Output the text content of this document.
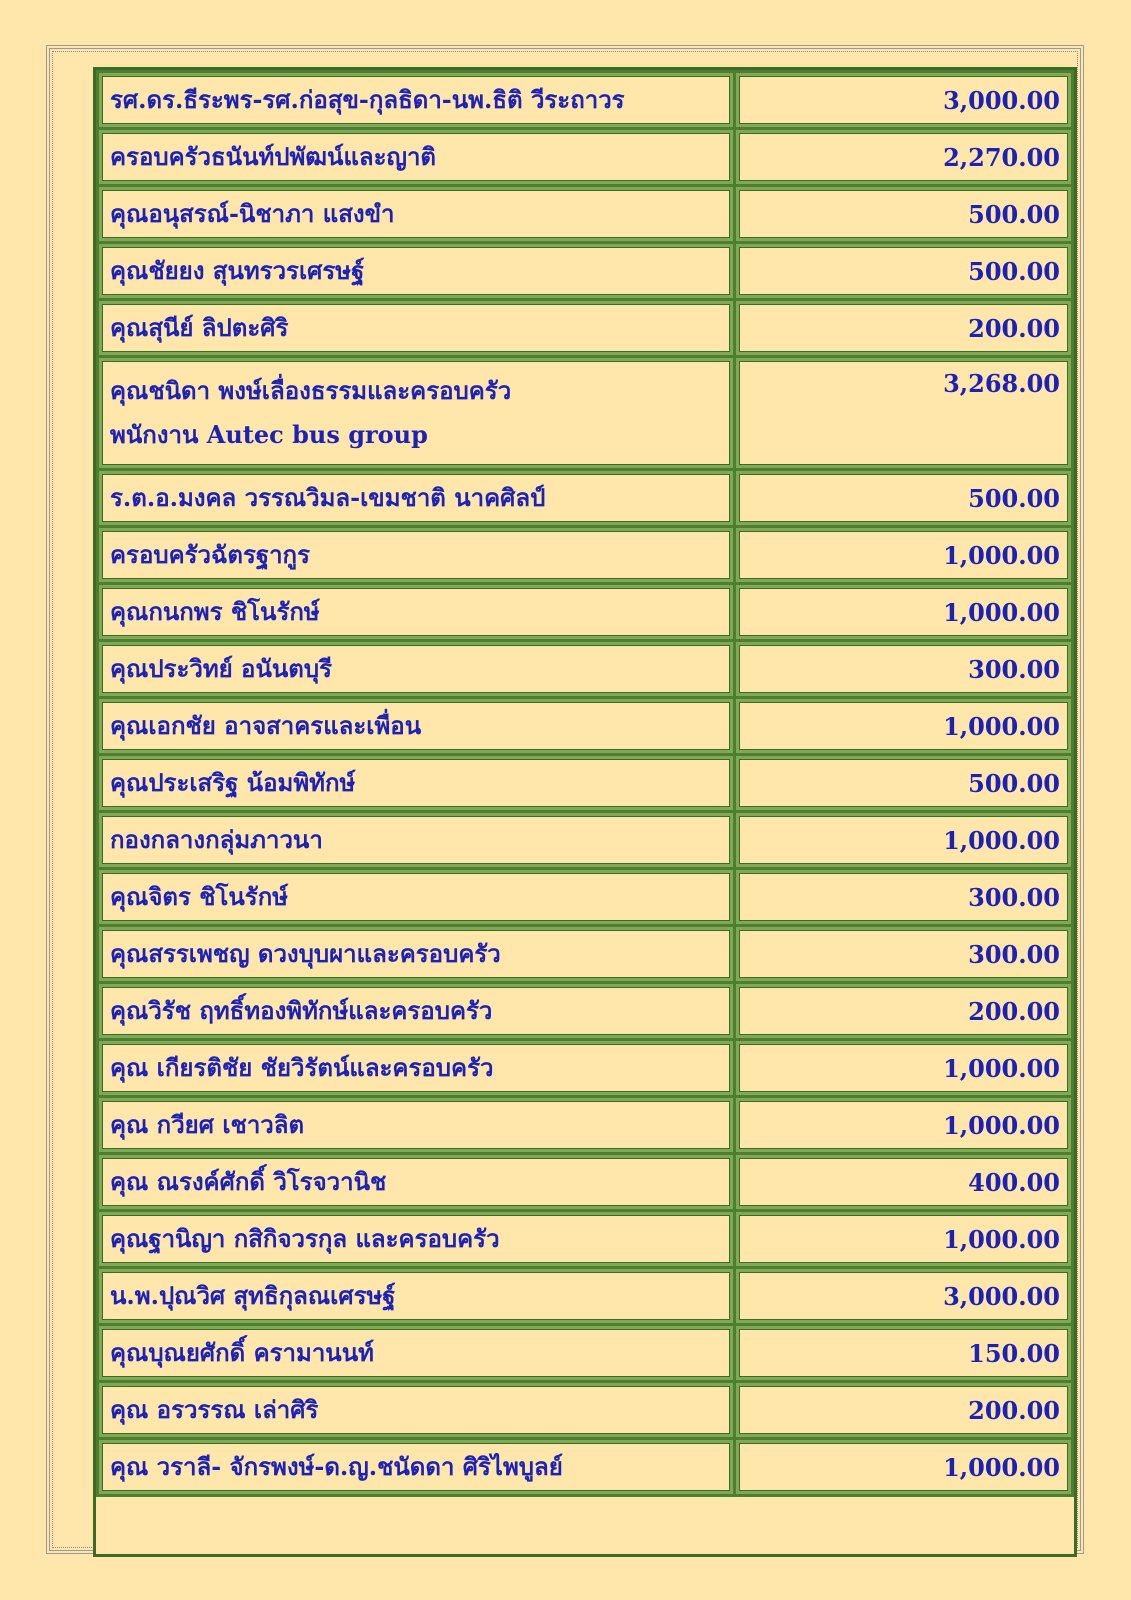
รศ.ดร.ธีระพร-รศ.ก่อสุข-กุลธิดา-นพ.ธิติ วีระถาวร	3,000.00

ครอบครัวธนันท์ปพัฒน์และญาติ	2,270.00

คุณอนุสรณ์-นิชาภา แสงขำ	500.00

คุณชัยยง สุนทรวรเศรษฐ์	500.00

คุณสุนีย์ ลิปตะศิริ	200.00

คุณชนิดา พงษ์เลื่องธรรมและครอบครัว
พนักงาน Autec bus group	3,268.00

ร.ต.อ.มงคล วรรณวิมล-เขมชาติ นาคศิลป์	500.00

ครอบครัวฉัตรฐากูร	1,000.00

คุณกนกพร ชิโนรักษ์	1,000.00

คุณประวิทย์ อนันตบุรี	300.00

คุณเอกชัย อาจสาครและเพื่อน	1,000.00

คุณประเสริฐ น้อมพิทักษ์	500.00

กองกลางกลุ่มภาวนา	1,000.00

คุณจิตร ชิโนรักษ์	300.00

คุณสรรเพชญ ดวงบุบผาและครอบครัว	300.00

คุณวิรัช ฤทธิ์ทองพิทักษ์และครอบครัว	200.00

คุณ เกียรติชัย ชัยวิรัตน์และครอบครัว	1,000.00

คุณ กวียศ เชาวลิต	1,000.00

คุณ ณรงค์ศักดิ์ วิโรจวานิช	400.00

คุณฐานิญา กสิกิจวรกุล และครอบครัว	1,000.00

น.พ.ปุณวิศ สุทธิกุลณเศรษฐ์	3,000.00

คุณบุณยศักดิ์ ครามานนท์	150.00

คุณ อรวรรณ เล่าศิริ	200.00

คุณ วราลี- จักรพงษ์-ด.ญ.ชนัดดา ศิริไพบูลย์	1,000.00
